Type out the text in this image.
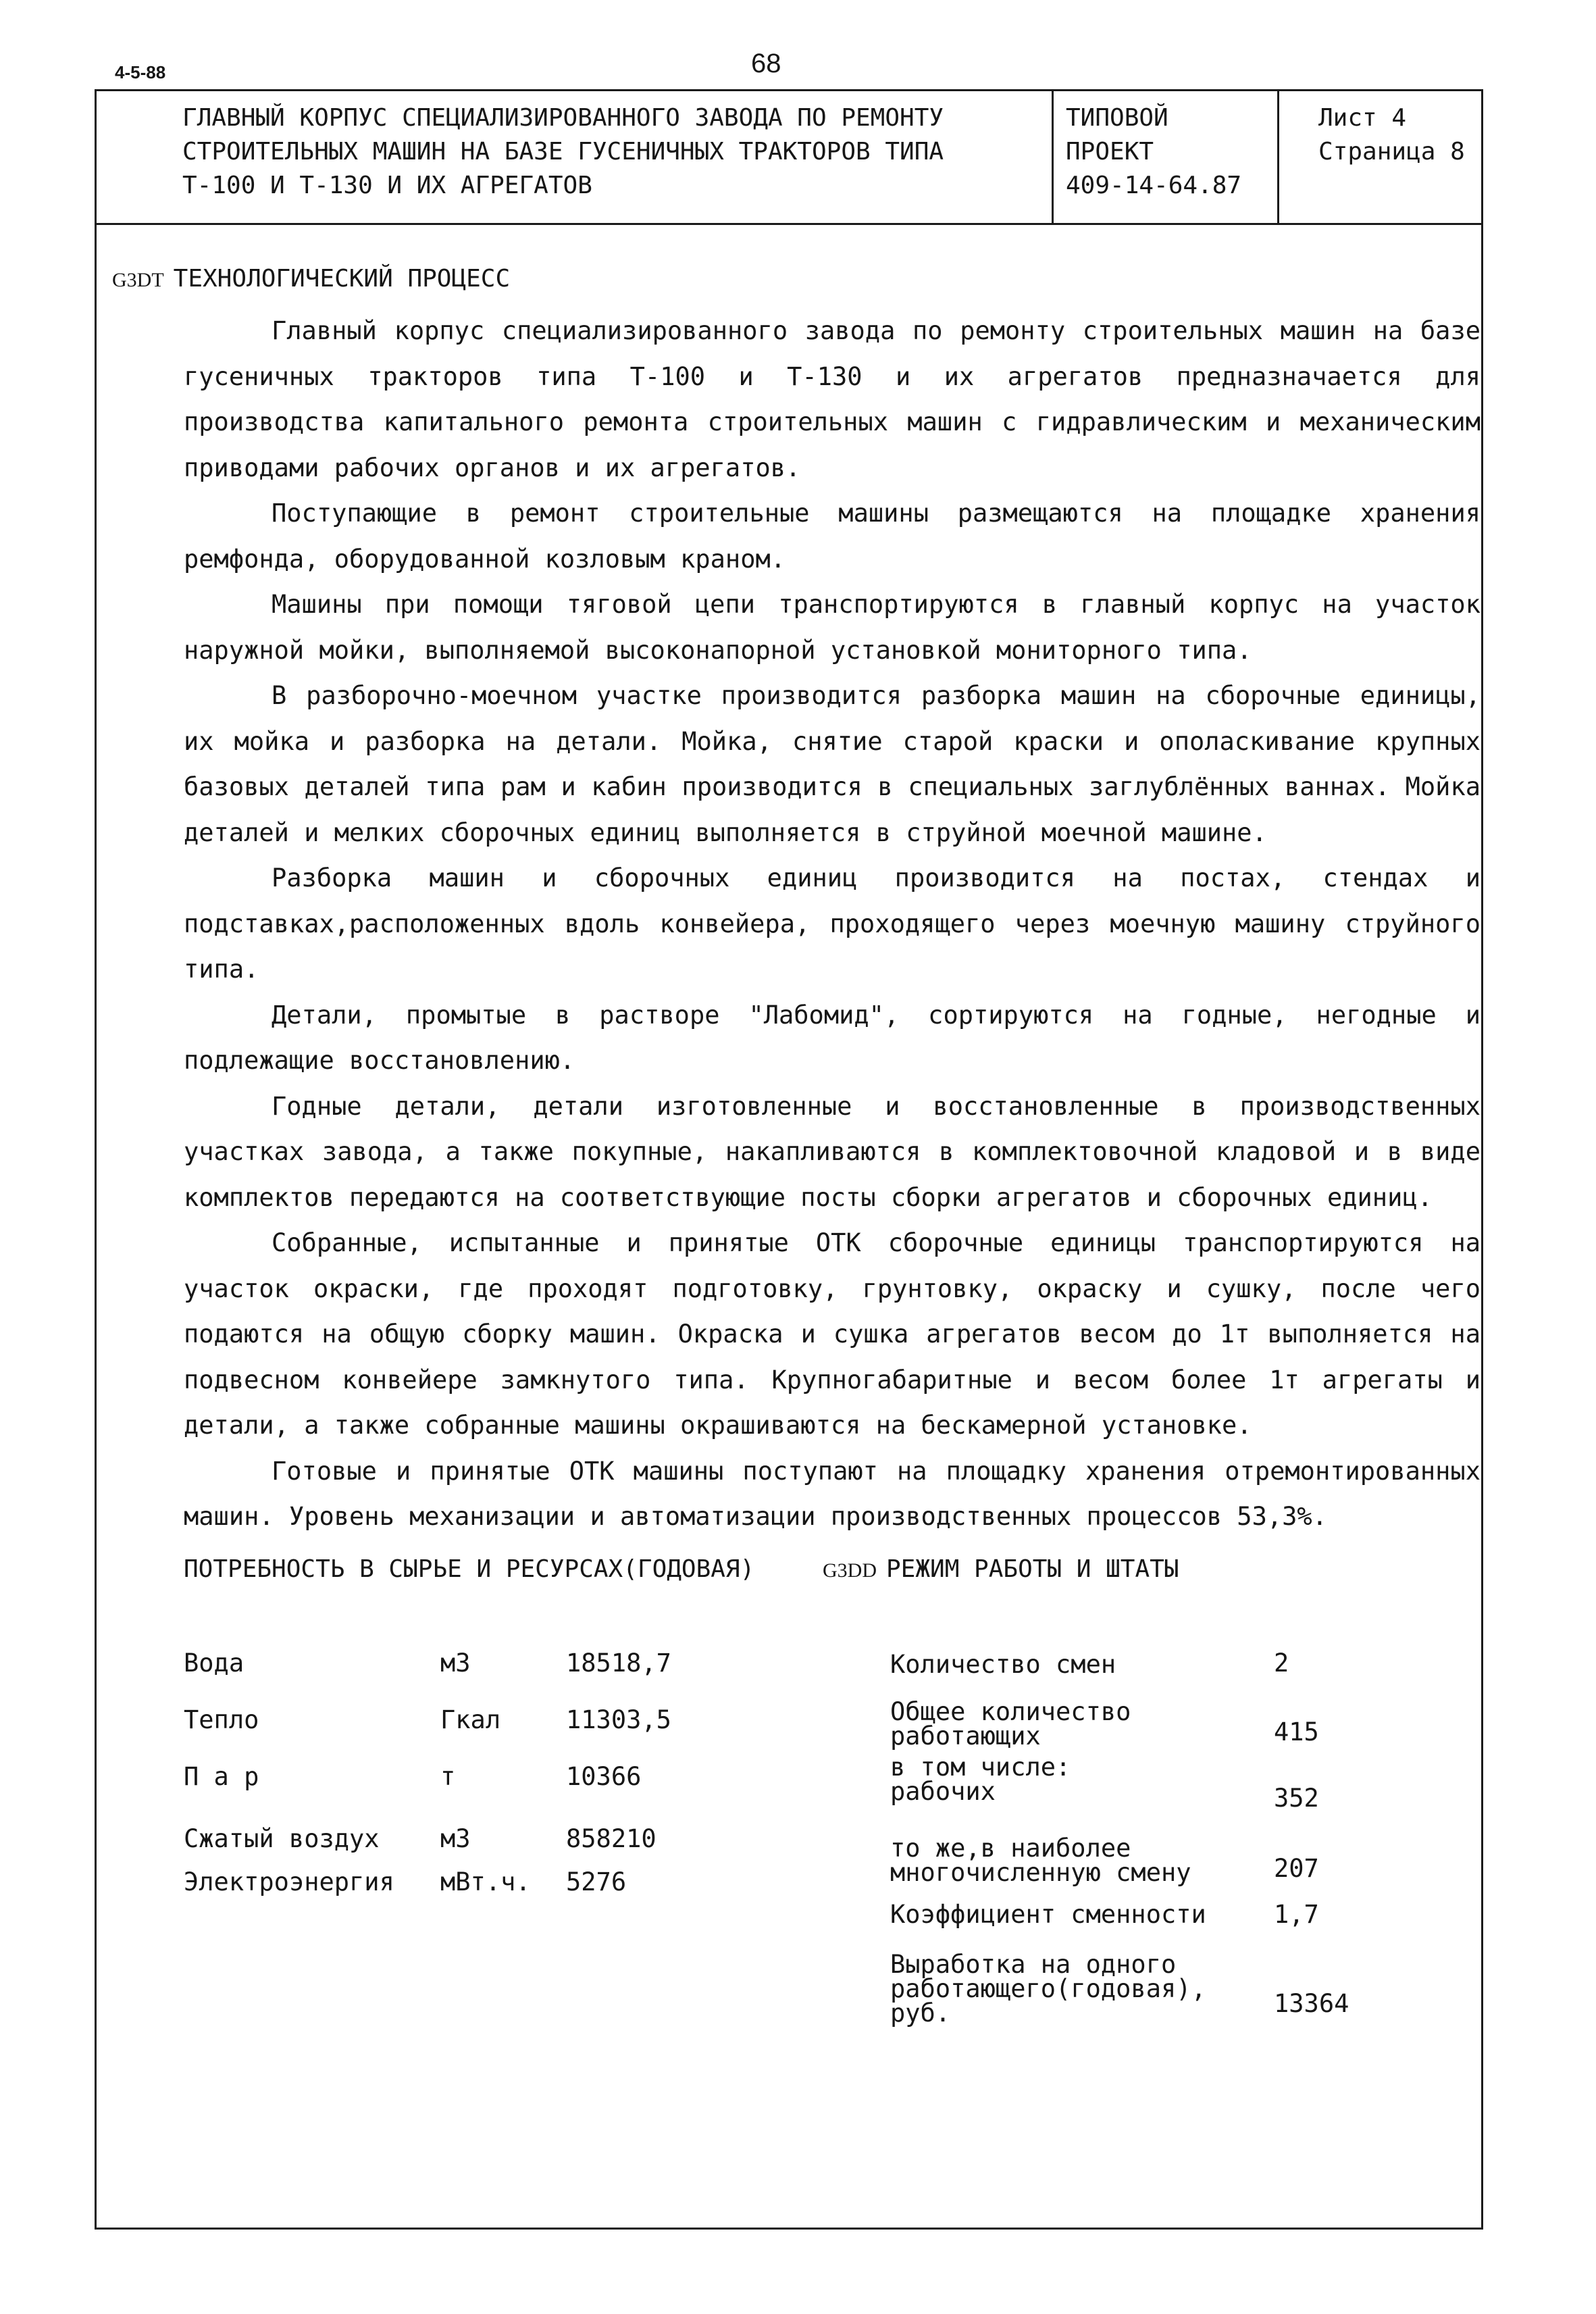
4-5-88	68
ГЛАВНЫЙ КОРПУС СПЕЦИАЛИЗИРОВАННОГО ЗАВОДА ПО РЕМОНТУ
СТРОИТЕЛЬНЫХ МАШИН НА БАЗЕ ГУСЕНИЧНЫХ ТРАКТОРОВ ТИПА
Т-100 И Т-130 И ИХ АГРЕГАТОВ
ТИПОВОЙ ПРОЕКТ
409-14-64.87
Лист 4
Страница 8
G3DT ТЕХНОЛОГИЧЕСКИЙ ПРОЦЕСС

Главный корпус специализированного завода по ремонту строительных машин на базе гусеничных тракторов типа Т-100 и Т-130 и их агрегатов предназначается для производства капитального ремонта строительных машин с гидравлическим и механическим приводами рабочих органов и их агрегатов.

Поступающие в ремонт строительные машины размещаются на площадке хранения ремфонда, оборудованной козловым краном.

Машины при помощи тяговой цепи транспортируются в главный корпус на участок наружной мойки, выполняемой высоконапорной установкой мониторного типа.

В разборочно-моечном участке производится разборка машин на сборочные единицы, их мойка и разборка на детали. Мойка, снятие старой краски и ополаскивание крупных базовых деталей типа рам и кабин производится в специальных заглублённых ваннах. Мойка деталей и мелких сборочных единиц выполняется в струйной моечной машине.

Разборка машин и сборочных единиц производится на постах, стендах и подставках,расположенных вдоль конвейера, проходящего через моечную машину струйного типа.

Детали, промытые в растворе "Лабомид", сортируются на годные, негодные и подлежащие восстановлению.

Годные детали, детали изготовленные и восстановленные в производственных участках завода, а также покупные, накапливаются в комплектовочной кладовой и в виде комплектов передаются на соответствующие посты сборки агрегатов и сборочных единиц.

Собранные, испытанные и принятые ОТК сборочные единицы транспортируются на участок окраски, где проходят подготовку, грунтовку, окраску и сушку, после чего подаются на общую сборку машин. Окраска и сушка агрегатов весом до 1т выполняется на подвесном конвейере замкнутого типа. Крупногабаритные и весом более 1т агрегаты и детали, а также собранные машины окрашиваются на бескамерной установке.

Готовые и принятые ОТК машины поступают на площадку хранения отремонтированных машин. Уровень механизации и автоматизации производственных процессов 53,3%.

ПОТРЕБНОСТЬ В СЫРЬЕ И РЕСУРСАХ(ГОДОВАЯ)	G3DD РЕЖИМ РАБОТЫ И ШТАТЫ
Вода	м3	18518,7
Тепло	Гкал	11303,5
П а р	т	10366
Сжатый воздух м3	858210
Электроэнергия мВт.ч. 5276
Количество смен	2
Общее количество
работающих	415
в том числе:
рабочих	352
то же,в наиболее
многочисленную смену	207
Коэффициент сменности	1,7
Выработка на одного
работающего(годовая),
руб.	13364
